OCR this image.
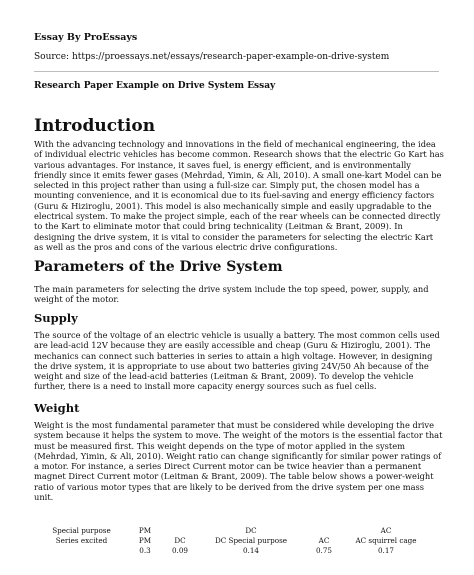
Essay By ProEssays
Source: https://proessays.net/essays/research-paper-example-on-drive-system
Research Paper Example on Drive System Essay
Introduction

With the advancing technology and innovations in the field of mechanical engineering, the idea of individual electric vehicles has become common. Research shows that the electric Go Kart has various advantages. For instance, it saves fuel, is energy efficient, and is environmentally friendly since it emits fewer gases (Mehrdad, Yimin, & Ali, 2010). A small one-kart Model can be selected in this project rather than using a full-size car. Simply put, the chosen model has a mounting convenience, and it is economical due to its fuel-saving and energy efficiency factors (Guru & Hiziroglu, 2001). This model is also mechanically simple and easily upgradable to the electrical system. To make the project simple, each of the rear wheels can be connected directly to the Kart to eliminate motor that could bring technicality (Leitman & Brant, 2009). In designing the drive system, it is vital to consider the parameters for selecting the electric Kart as well as the pros and cons of the various electric drive configurations.

Parameters of the Drive System

The main parameters for selecting the drive system include the top speed, power, supply, and weight of the motor.

Supply

The source of the voltage of an electric vehicle is usually a battery. The most common cells used are lead-acid 12V because they are easily accessible and cheap (Guru & Hiziroglu, 2001). The mechanics can connect such batteries in series to attain a high voltage. However, in designing the drive system, it is appropriate to use about two batteries giving 24V/50 Ah because of the weight and size of the lead-acid batteries (Leitman & Brant, 2009). To develop the vehicle further, there is a need to install more capacity energy sources such as fuel cells.

Weight

Weight is the most fundamental parameter that must be considered while developing the drive system because it helps the system to move. The weight of the motors is the essential factor that must be measured first. This weight depends on the type of motor applied in the system (Mehrdad, Yimin, & Ali, 2010). Weight ratio can change significantly for similar power ratings of a motor. For instance, a series Direct Current motor can be twice heavier than a permanent magnet Direct Current motor (Leitman & Brant, 2009). The table below shows a power-weight ratio of various motor types that are likely to be derived from the drive system per one mass unit.

Special purpose	PM		DC		AC
Series excited	PM	DC	DC Special purpose	AC	AC squirrel cage
	0.3	0.09	0.14	0.75	0.17
